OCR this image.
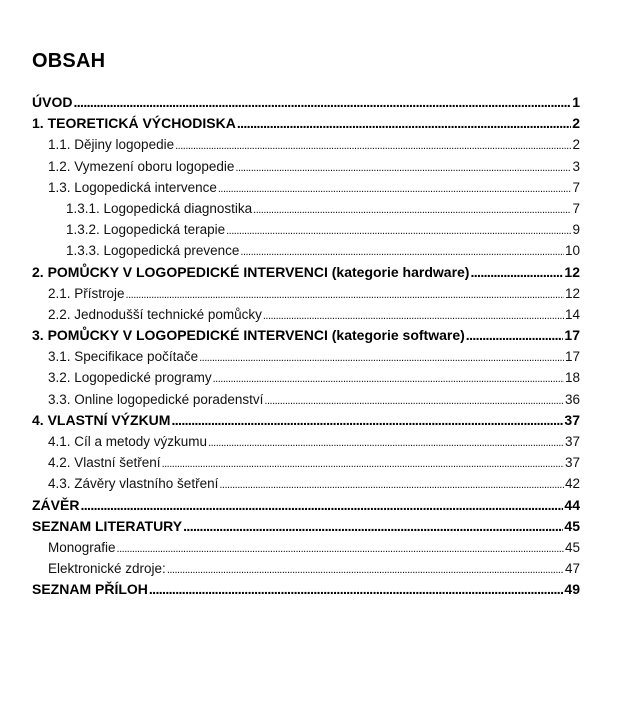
OBSAH
ÚVOD .....	1
1. TEORETICKÁ VÝCHODISKA .....	2
1.1. Dějiny logopedie .....	2
1.2. Vymezení oboru logopedie .....	3
1.3. Logopedická intervence .....	7
1.3.1. Logopedická diagnostika .....	7
1.3.2. Logopedická terapie .....	9
1.3.3. Logopedická prevence .....	10
2. POMŮCKY V LOGOPEDICKÉ INTERVENCI (kategorie hardware) .....	12
2.1. Přístroje .....	12
2.2. Jednodušší technické pomůcky .....	14
3. POMŮCKY V LOGOPEDICKÉ INTERVENCI (kategorie software) .....	17
3.1. Specifikace počítače .....	17
3.2. Logopedické programy .....	18
3.3. Online logopedické poradenství .....	36
4. VLASTNÍ VÝZKUM .....	37
4.1. Cíl a metody výzkumu .....	37
4.2. Vlastní šetření .....	37
4.3. Závěry vlastního šetření .....	42
ZÁVĚR .....	44
SEZNAM LITERATURY .....	45
Monografie .....	45
Elektronické zdroje: .....	47
SEZNAM PŘÍLOH .....	49
